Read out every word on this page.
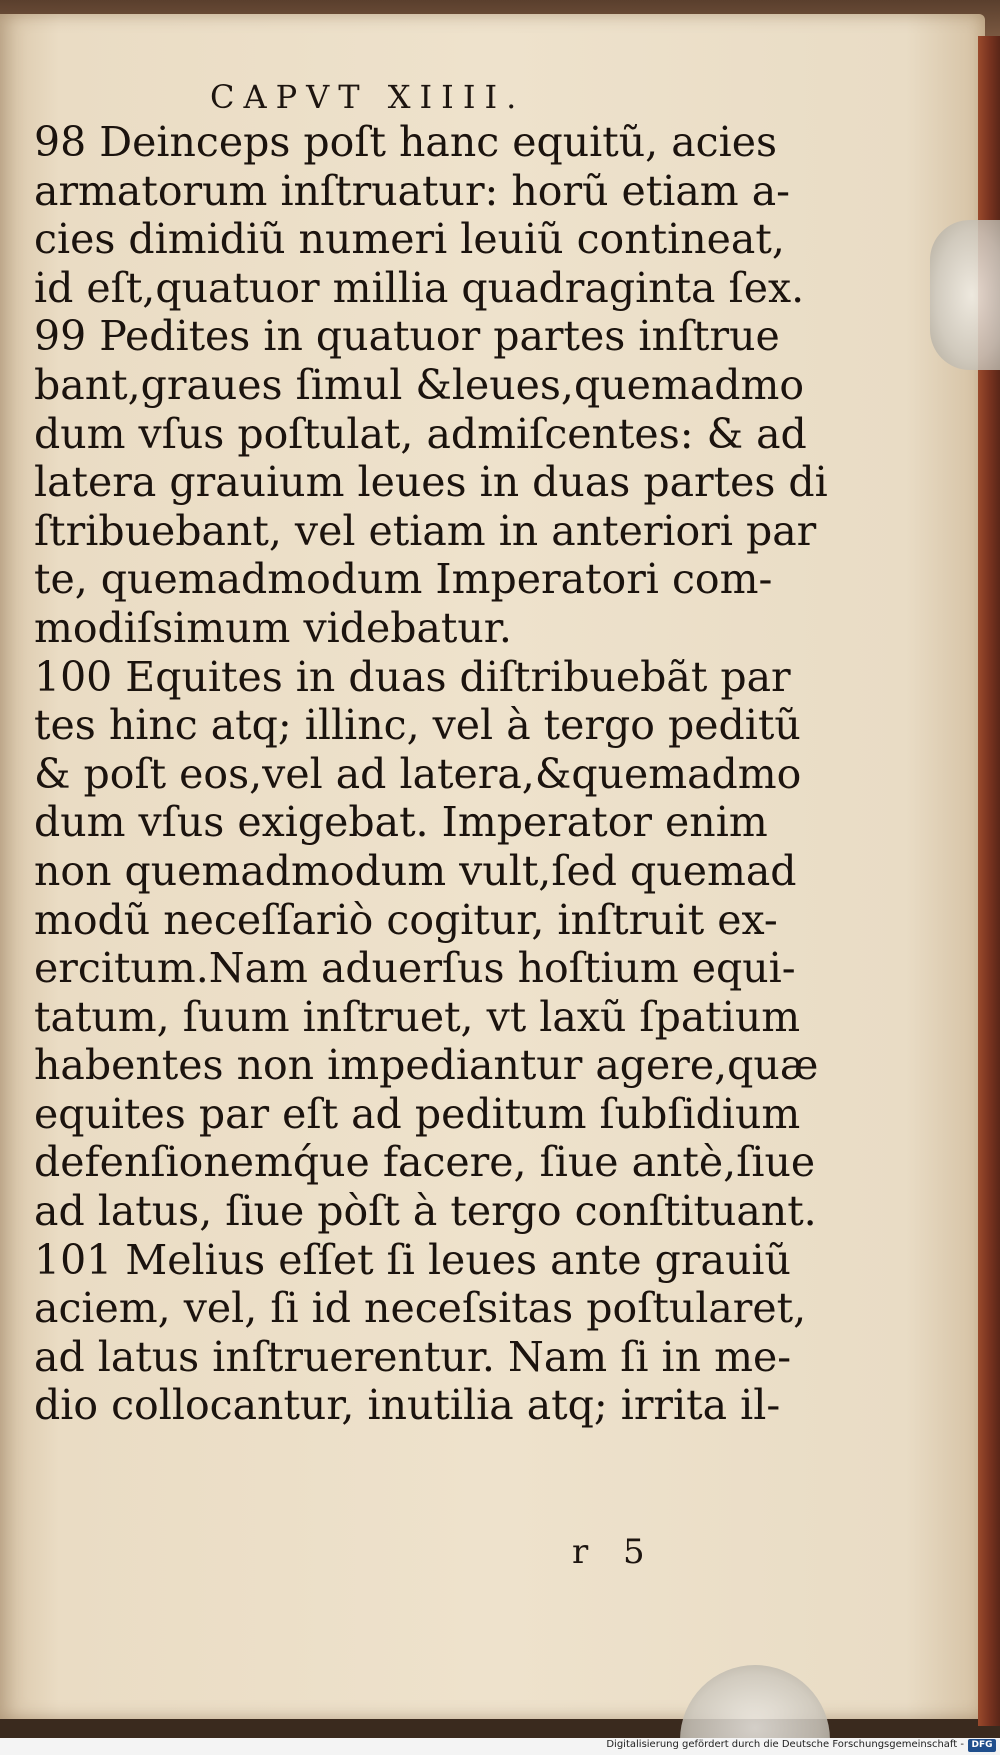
CAPVT XIIII.
98 Deinceps poſt hanc equitũ, acies
armatorum inſtruatur: horũ etiam a-
cies dimidiũ numeri leuiũ contineat,
id eſt,quatuor millia quadraginta ſex.
99 Pedites in quatuor partes inſtrue
bant,graues ſimul &leues,quemadmo
dum vſus poſtulat, admiſcentes: & ad
latera grauium leues in duas partes di
ſtribuebant, vel etiam in anteriori par
te, quemadmodum Imperatori com-
modiſsimum videbatur.
100 Equites in duas diſtribuebãt par
tes hinc atq; illinc, vel à tergo peditũ
& poſt eos,vel ad latera,&quemadmo
dum vſus exigebat. Imperator enim
non quemadmodum vult,ſed quemad
modũ neceſſariò cogitur, inſtruit ex-
ercitum.Nam aduerſus hoſtium equi-
tatum, ſuum inſtruet, vt laxũ ſpatium
habentes non impediantur agere,quæ
equites par eſt ad peditum ſubſidium
defenſionemq́ue facere, ſiue antè,ſiue
ad latus, ſiue pòſt à tergo conſtituant.
101 Melius eſſet ſi leues ante grauiũ
aciem, vel, ſi id neceſsitas poſtularet,
ad latus inſtruerentur. Nam ſi in me-
dio collocantur, inutilia atq; irrita il-
r 5
Digitalisierung gefördert durch die Deutsche Forschungsgemeinschaft - DFG
